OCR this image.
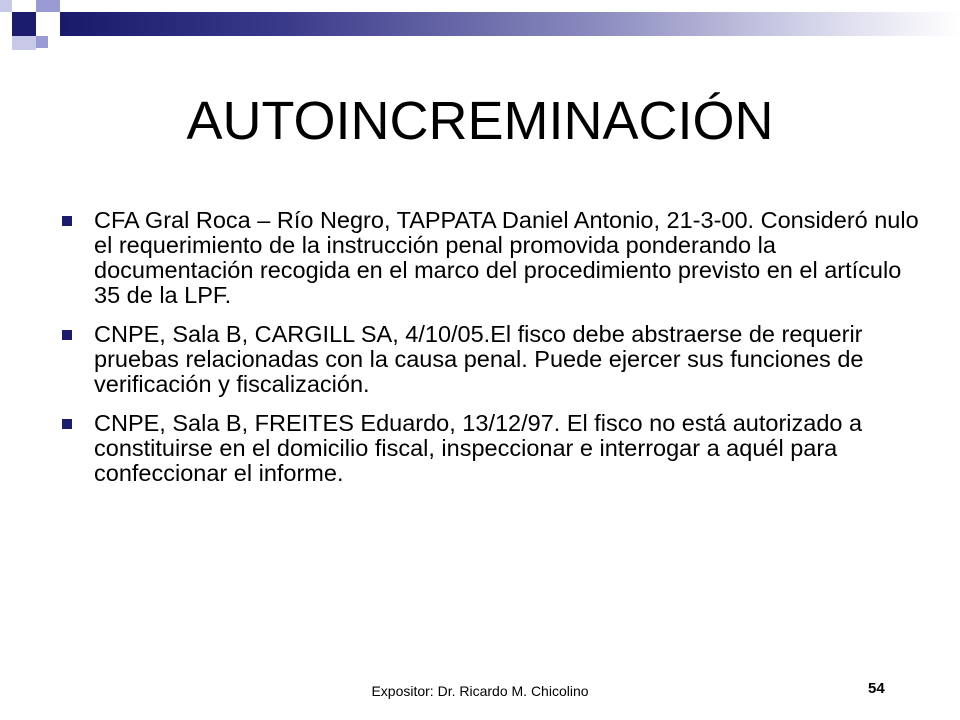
AUTOINCREMINACIÓN
CFA Gral Roca – Río Negro, TAPPATA Daniel Antonio, 21-3-00. Consideró nulo el requerimiento de la instrucción penal promovida ponderando la documentación recogida en el marco del procedimiento previsto en el artículo 35 de la LPF.
CNPE, Sala B, CARGILL SA, 4/10/05.El fisco debe abstraerse de requerir pruebas relacionadas con la causa penal. Puede ejercer sus funciones de verificación y fiscalización.
CNPE, Sala B, FREITES Eduardo, 13/12/97. El fisco no está autorizado a constituirse en el domicilio fiscal, inspeccionar e interrogar a aquél para confeccionar el informe.
Expositor: Dr. Ricardo M. Chicolino	54
